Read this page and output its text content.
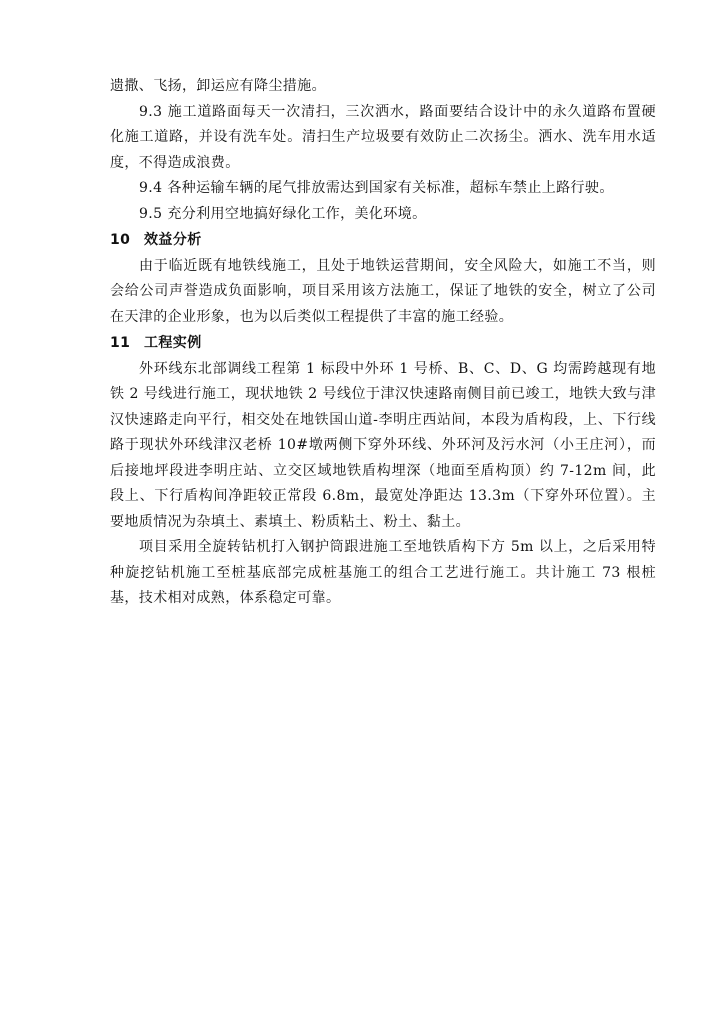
遗撒、飞扬，卸运应有降尘措施。

9.3 施工道路面每天一次清扫，三次洒水，路面要结合设计中的永久道路布置硬化施工道路，并设有洗车处。清扫生产垃圾要有效防止二次扬尘。洒水、洗车用水适度，不得造成浪费。

9.4 各种运输车辆的尾气排放需达到国家有关标准，超标车禁止上路行驶。

9.5 充分利用空地搞好绿化工作，美化环境。

10 效益分析

由于临近既有地铁线施工，且处于地铁运营期间，安全风险大，如施工不当，则会给公司声誉造成负面影响，项目采用该方法施工，保证了地铁的安全，树立了公司在天津的企业形象，也为以后类似工程提供了丰富的施工经验。

11 工程实例

外环线东北部调线工程第 1 标段中外环 1 号桥、B、C、D、G 均需跨越现有地铁 2 号线进行施工，现状地铁 2 号线位于津汉快速路南侧目前已竣工，地铁大致与津汉快速路走向平行，相交处在地铁国山道-李明庄西站间，本段为盾构段，上、下行线路于现状外环线津汉老桥 10#墩两侧下穿外环线、外环河及污水河（小王庄河），而后接地坪段进李明庄站、立交区域地铁盾构埋深（地面至盾构顶）约 7-12m 间，此段上、下行盾构间净距较正常段 6.8m，最宽处净距达 13.3m（下穿外环位置）。主要地质情况为杂填土、素填土、粉质粘土、粉土、黏土。

项目采用全旋转钻机打入钢护筒跟进施工至地铁盾构下方 5m 以上，之后采用特种旋挖钻机施工至桩基底部完成桩基施工的组合工艺进行施工。共计施工 73 根桩基，技术相对成熟，体系稳定可靠。
